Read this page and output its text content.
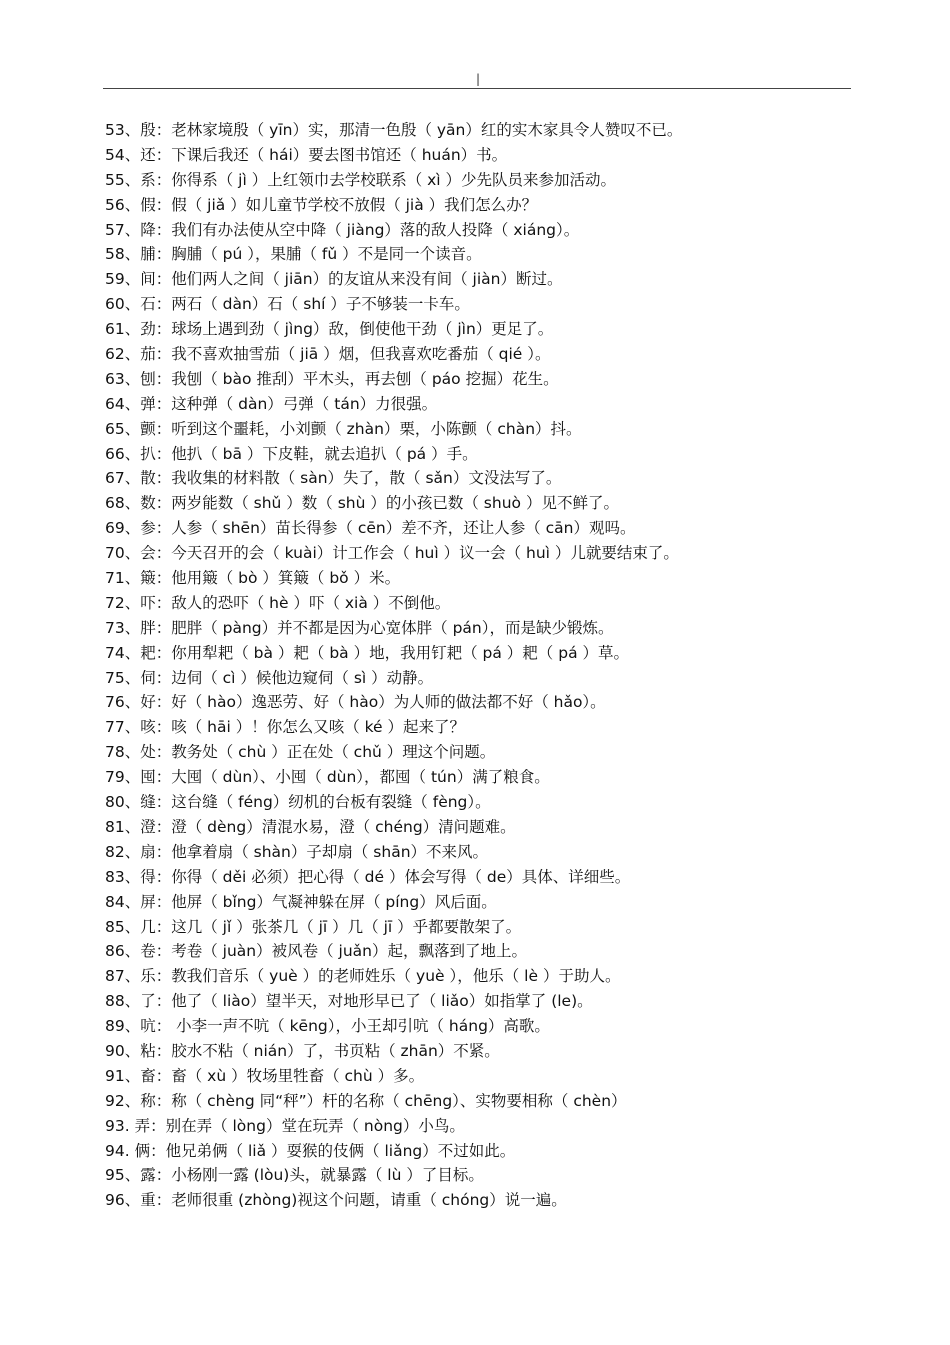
|
53、殷：老林家境殷（ yīn）实，那清一色殷（ yān）红的实木家具令人赞叹不已。
54、还：下课后我还（ hái）要去图书馆还（ huán）书。
55、系：你得系（ jì ）上红领巾去学校联系（ xì ）少先队员来参加活动。
56、假：假（ jiǎ ）如儿童节学校不放假（ jià ）我们怎么办？
57、降：我们有办法使从空中降（ jiàng）落的敌人投降（ xiáng）。
58、脯：胸脯（ pú ），果脯（ fǔ ）不是同一个读音。
59、间：他们两人之间（ jiān）的友谊从来没有间（ jiàn）断过。
60、石：两石（ dàn）石（ shí ）子不够装一卡车。
61、劲：球场上遇到劲（ jìng）敌，倒使他干劲（ jìn）更足了。
62、茄：我不喜欢抽雪茄（ jiā ）烟，但我喜欢吃番茄（ qié ）。
63、刨：我刨（ bào 推刮）平木头，再去刨（ páo 挖掘）花生。
64、弹：这种弹（ dàn）弓弹（ tán）力很强。
65、颤：听到这个噩耗，小刘颤（ zhàn）栗，小陈颤（ chàn）抖。
66、扒：他扒（ bā ）下皮鞋，就去追扒（ pá ）手。
67、散：我收集的材料散（ sàn）失了，散（ sǎn）文没法写了。
68、数：两岁能数（ shǔ ）数（ shù ）的小孩已数（ shuò ）见不鲜了。
69、参：人参（ shēn）苗长得参（ cēn）差不齐，还让人参（ cān）观吗。
70、会：今天召开的会（ kuài）计工作会（ huì ）议一会（ huì ）儿就要结束了。
71、簸：他用簸（ bò ）箕簸（ bǒ ）米。
72、吓：敌人的恐吓（ hè ）吓（ xià ）不倒他。
73、胖：肥胖（ pàng）并不都是因为心宽体胖（ pán），而是缺少锻炼。
74、耙：你用犁耙（ bà ）耙（ bà ）地，我用钉耙（ pá ）耙（ pá ）草。
75、伺：边伺（ cì ）候他边窥伺（ sì ）动静。
76、好：好（ hào）逸恶劳、好（ hào）为人师的做法都不好（ hǎo）。
77、咳：咳（ hāi ）！你怎么又咳（ ké ）起来了？
78、处：教务处（ chù ）正在处（ chǔ ）理这个问题。
79、囤：大囤（ dùn）、小囤（ dùn），都囤（ tún）满了粮食。
80、缝：这台缝（ féng）纫机的台板有裂缝（ fèng）。
81、澄：澄（ dèng）清混水易，澄（ chéng）清问题难。
82、扇：他拿着扇（ shàn）子却扇（ shān）不来风。
83、得：你得（ děi 必须）把心得（ dé ）体会写得（ de）具体、详细些。
84、屏：他屏（ bǐng）气凝神躲在屏（ píng）风后面。
85、几：这几（ jǐ ）张茶几（ jī ）几（ jī ）乎都要散架了。
86、卷：考卷（ juàn）被风卷（ juǎn）起，飘落到了地上。
87、乐：教我们音乐（ yuè ）的老师姓乐（ yuè ），他乐（ lè ）于助人。
88、了：他了（ liào）望半天，对地形早已了（ liǎo）如指掌了 (le)。
89、吭： 小李一声不吭（ kēng），小王却引吭（ háng）高歌。
90、粘：胶水不粘（ nián）了，书页粘（ zhān）不紧。
91、畜：畜（ xù ）牧场里牲畜（ chù ）多。
92、称：称（ chèng 同“秤”）杆的名称（ chēng）、实物要相称（ chèn）
93. 弄：别在弄（ lòng）堂在玩弄（ nòng）小鸟。
94. 俩：他兄弟俩（ liǎ ）耍猴的伎俩（ liǎng）不过如此。
95、露：小杨刚一露 (lòu)头，就暴露（ lù ）了目标。
96、重：老师很重 (zhòng)视这个问题，请重（ chóng）说一遍。
